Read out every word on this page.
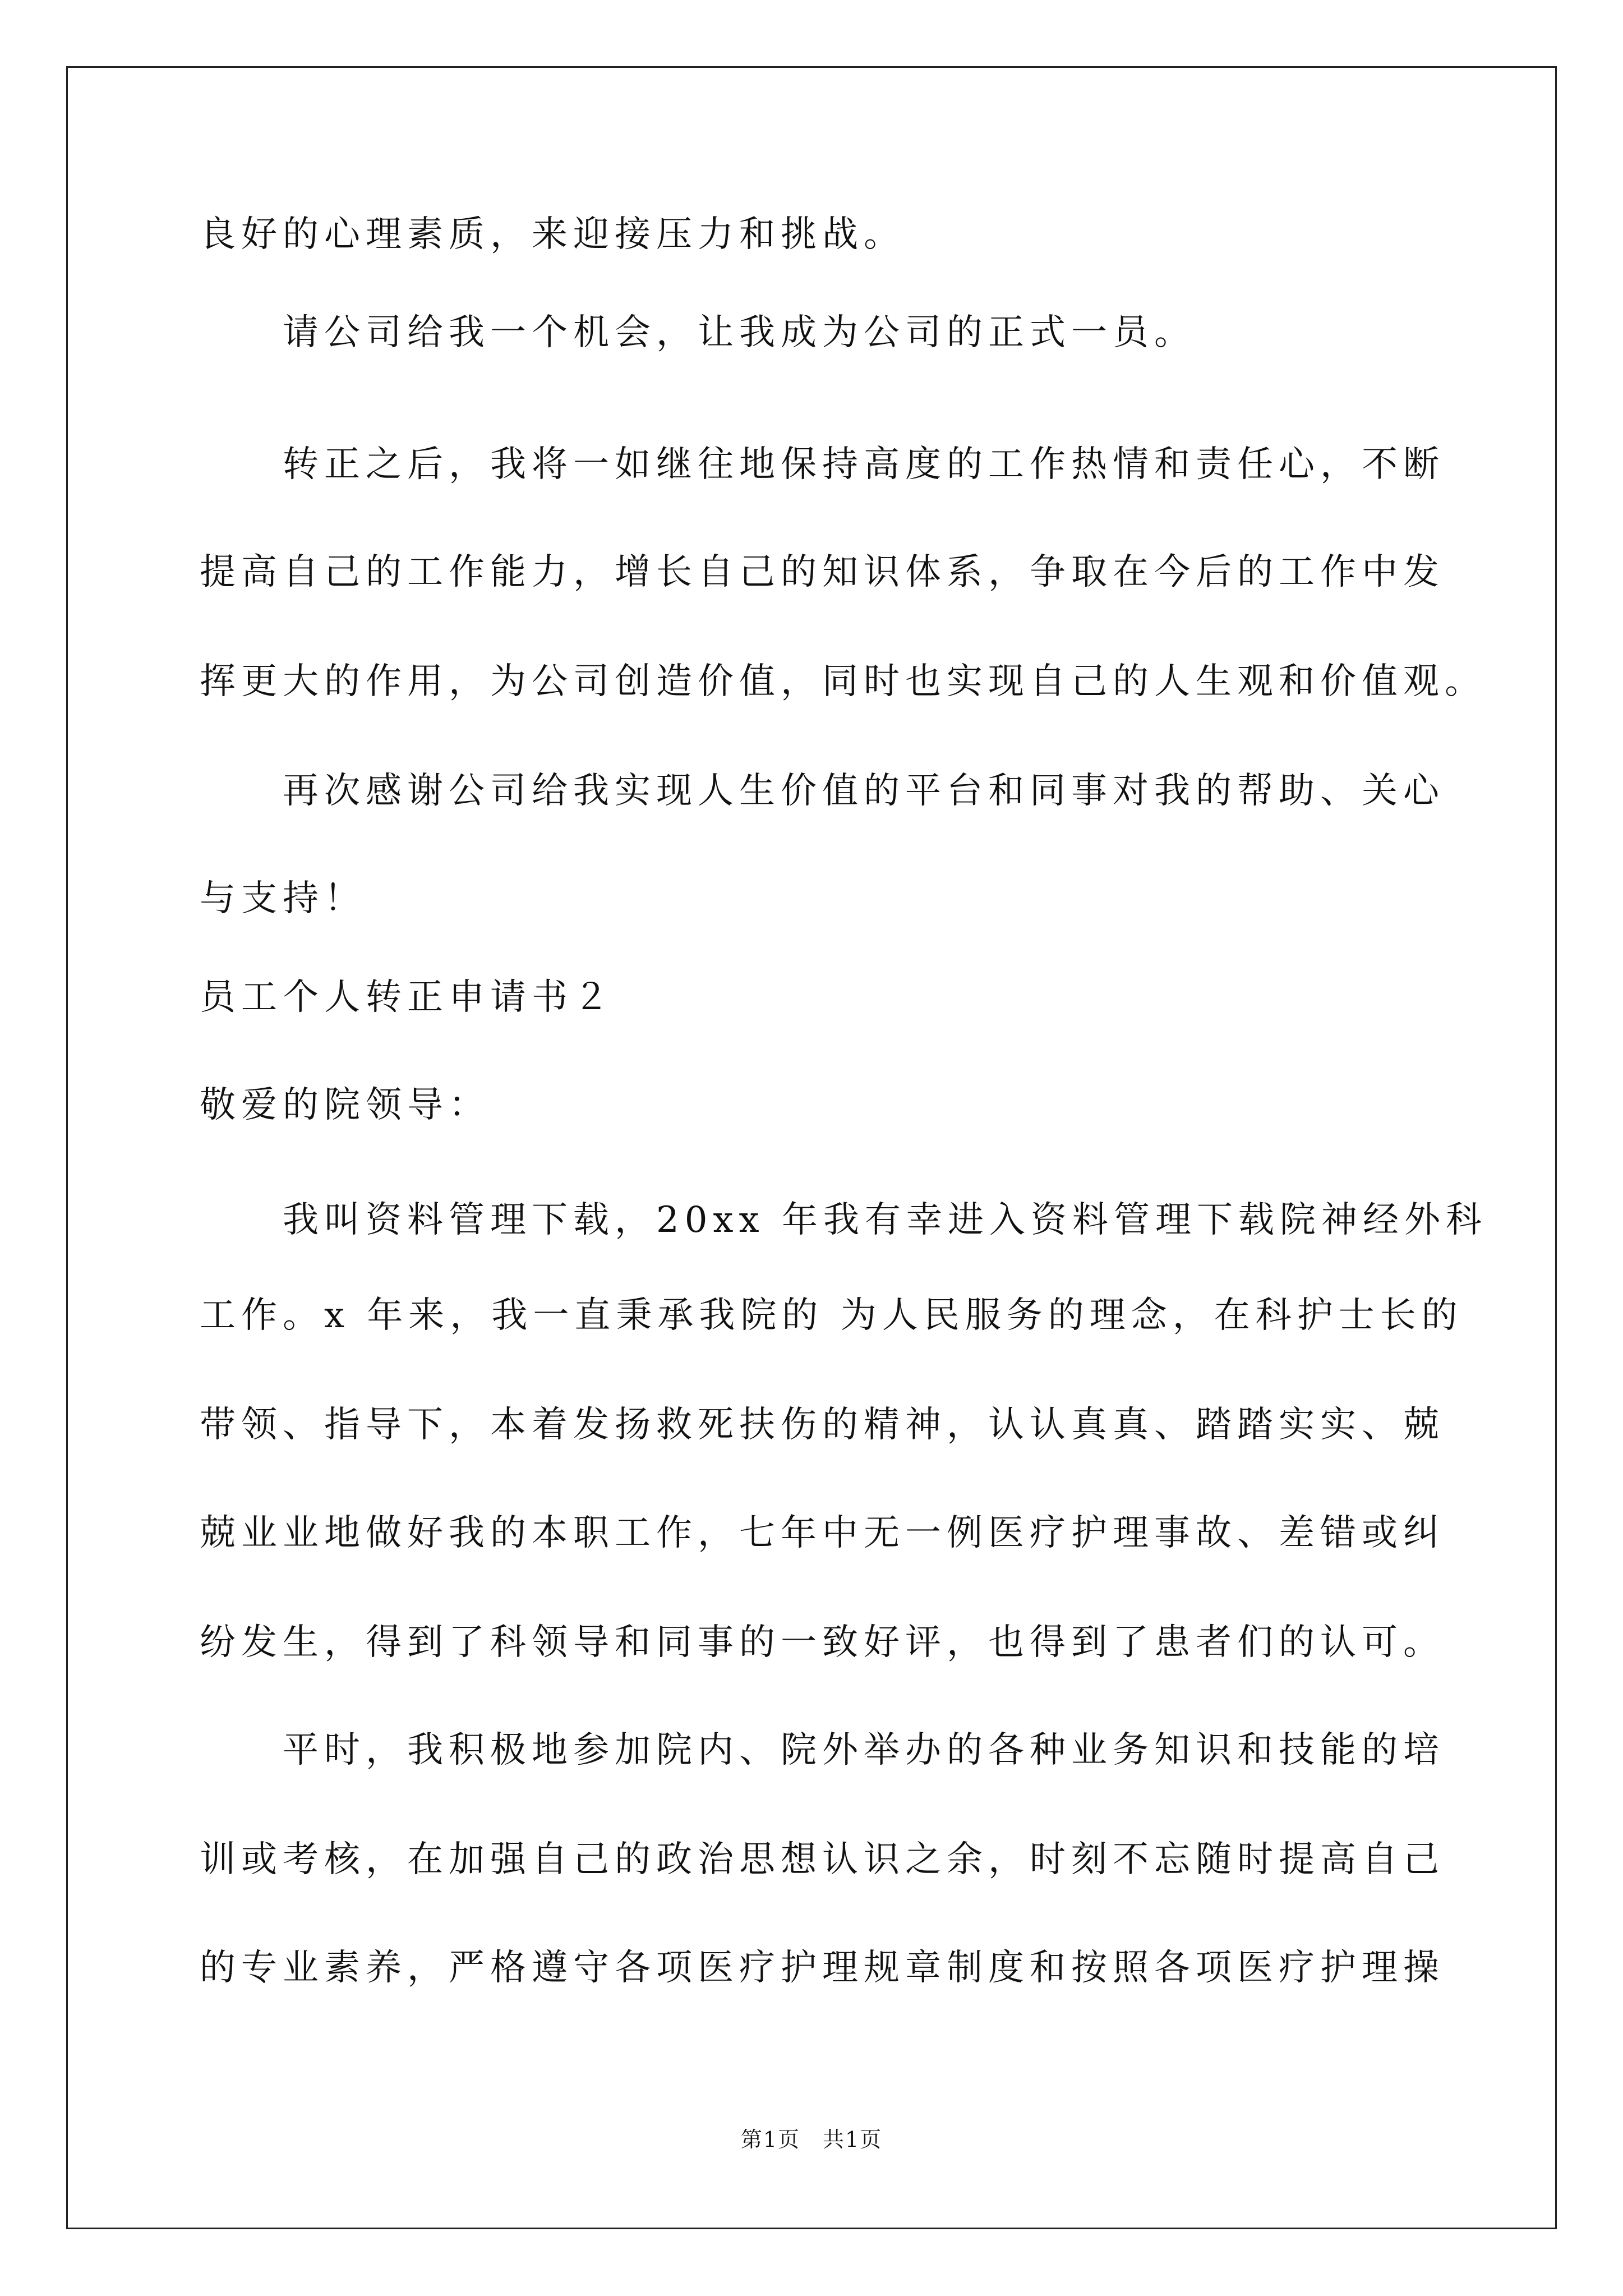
良好的心理素质，来迎接压力和挑战。
请公司给我一个机会，让我成为公司的正式一员。
转正之后，我将一如继往地保持高度的工作热情和责任心，不断
提高自己的工作能力，增长自己的知识体系，争取在今后的工作中发
挥更大的作用，为公司创造价值，同时也实现自己的人生观和价值观。
再次感谢公司给我实现人生价值的平台和同事对我的帮助、关心
与支持！
员工个人转正申请书２
敬爱的院领导：
我叫资料管理下载，20xx 年我有幸进入资料管理下载院神经外科
工作。x 年来，我一直秉承我院的 为人民服务的理念，在科护士长的
带领、指导下，本着发扬救死扶伤的精神，认认真真、踏踏实实、兢
兢业业地做好我的本职工作，七年中无一例医疗护理事故、差错或纠
纷发生，得到了科领导和同事的一致好评，也得到了患者们的认可。
平时，我积极地参加院内、院外举办的各种业务知识和技能的培
训或考核，在加强自己的政治思想认识之余，时刻不忘随时提高自己
的专业素养，严格遵守各项医疗护理规章制度和按照各项医疗护理操
第1页 共1页
